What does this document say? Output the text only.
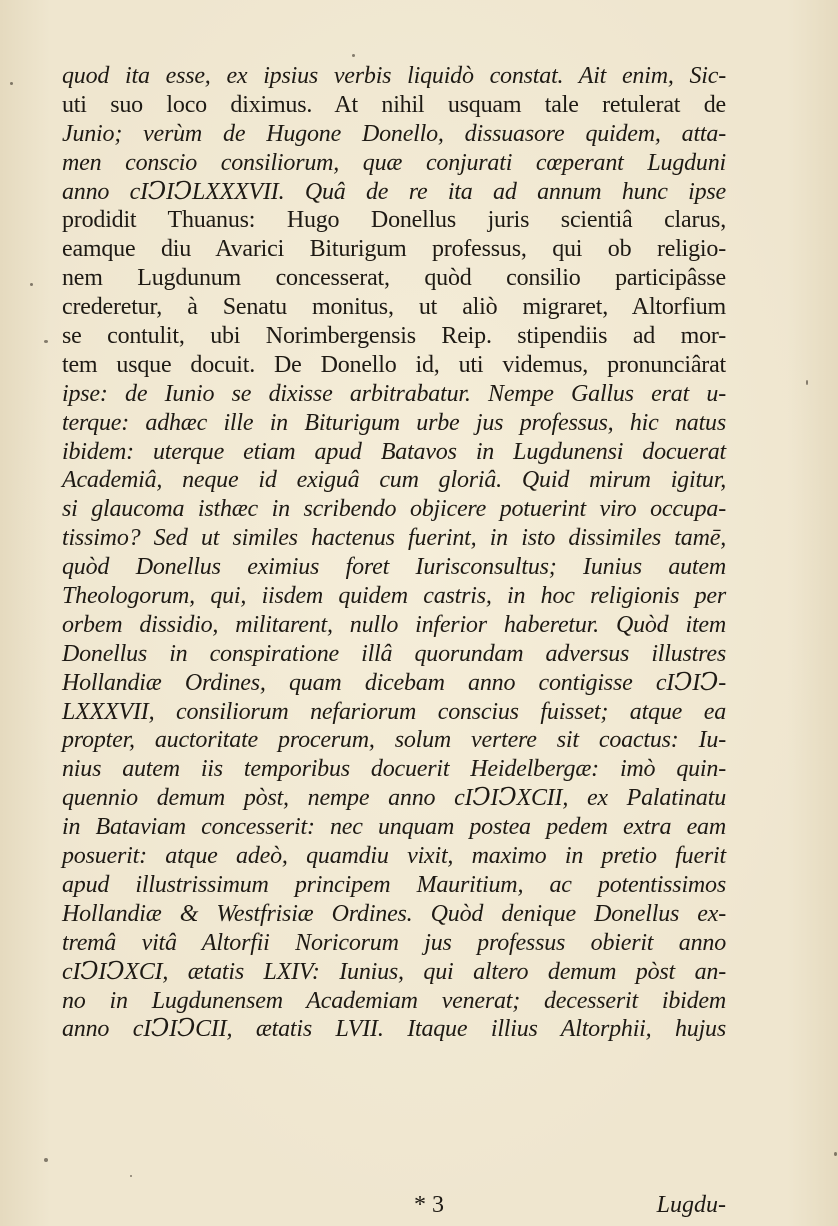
quod ita esse, ex ipsius verbis liquidò constat. Ait enim, Sic-
uti suo loco diximus. At nihil usquam tale retulerat de
Junio; verùm de Hugone Donello, dissuasore quidem, atta-
men conscio consiliorum, quæ conjurati cœperant Lugduni
anno cIↃIↃLXXXVII. Quâ de re ita ad annum hunc ipse
prodidit Thuanus: Hugo Donellus juris scientiâ clarus,
eamque diu Avarici Biturigum professus, qui ob religio-
nem Lugdunum concesserat, quòd consilio participâsse
crederetur, à Senatu monitus, ut aliò migraret, Altorfium
se contulit, ubi Norimbergensis Reip. stipendiis ad mor-
tem usque docuit. De Donello id, uti videmus, pronunciârat
ipse: de Iunio se dixisse arbitrabatur. Nempe Gallus erat u-
terque: adhæc ille in Biturigum urbe jus professus, hic natus
ibidem: uterque etiam apud Batavos in Lugdunensi docuerat
Academiâ, neque id exiguâ cum gloriâ. Quid mirum igitur,
si glaucoma isthæc in scribendo objicere potuerint viro occupa-
tissimo? Sed ut similes hactenus fuerint, in isto dissimiles tamē,
quòd Donellus eximius foret Iurisconsultus; Iunius autem
Theologorum, qui, iisdem quidem castris, in hoc religionis per
orbem dissidio, militarent, nullo inferior haberetur. Quòd item
Donellus in conspiratione illâ quorundam adversus illustres
Hollandiæ Ordines, quam dicebam anno contigisse cIↃIↃ-
LXXXVII, consiliorum nefariorum conscius fuisset; atque ea
propter, auctoritate procerum, solum vertere sit coactus: Iu-
nius autem iis temporibus docuerit Heidelbergæ: imò quin-
quennio demum pòst, nempe anno cIↃIↃXCII, ex Palatinatu
in Bataviam concesserit: nec unquam postea pedem extra eam
posuerit: atque adeò, quamdiu vixit, maximo in pretio fuerit
apud illustrissimum principem Mauritium, ac potentissimos
Hollandiæ & Westfrisiæ Ordines. Quòd denique Donellus ex-
tremâ vitâ Altorfii Noricorum jus professus obierit anno
cIↃIↃXCI, ætatis LXIV: Iunius, qui altero demum pòst an-
no in Lugdunensem Academiam venerat; decesserit ibidem
anno cIↃIↃCII, ætatis LVII. Itaque illius Altorphii, hujus
* 3	Lugdu-
